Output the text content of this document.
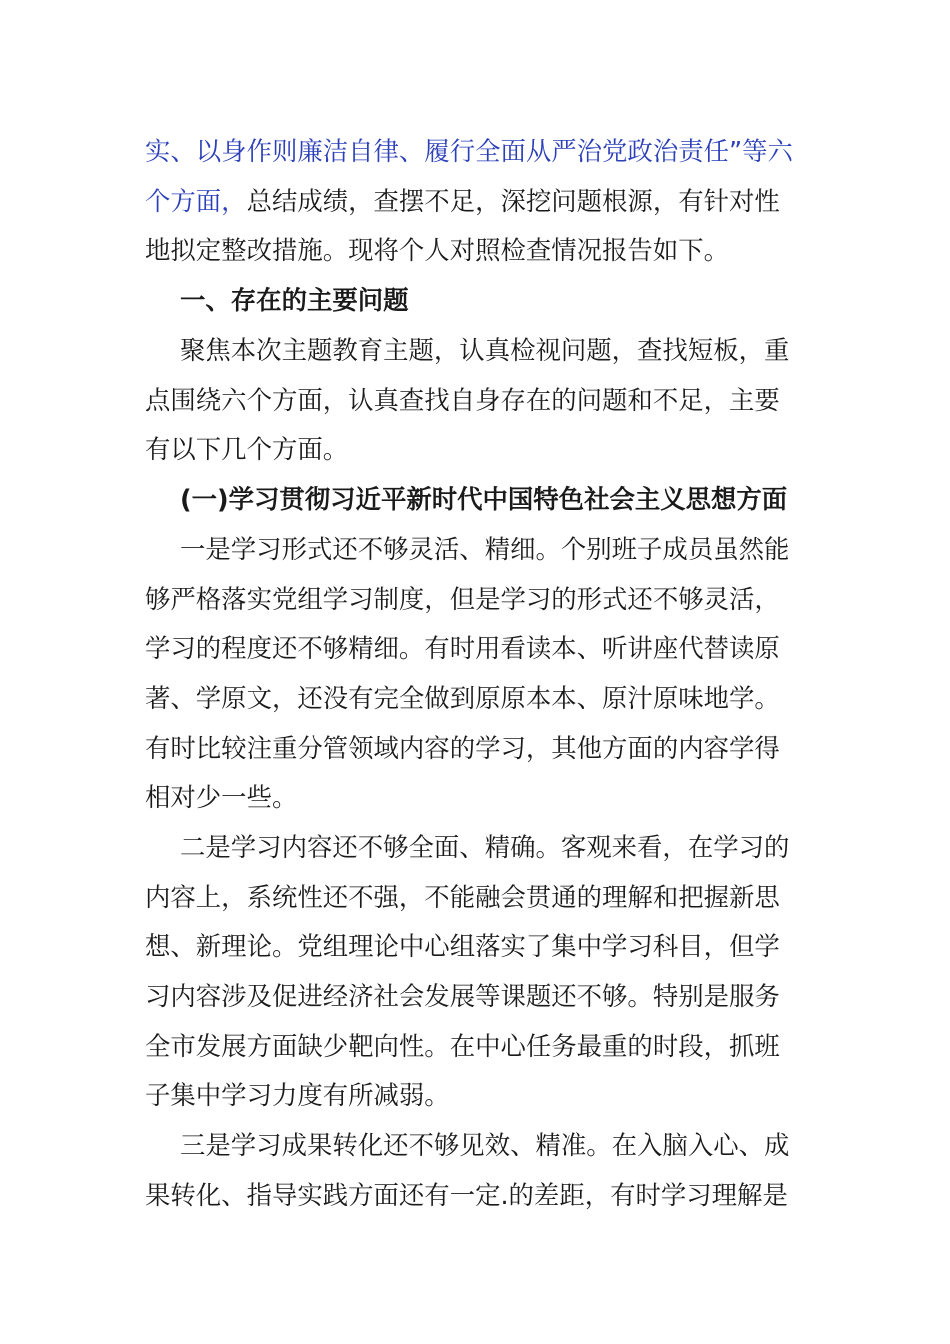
实、以身作则廉洁自律、履行全面从严治党政治责任”等六
个方面，总结成绩，查摆不足，深挖问题根源，有针对性
地拟定整改措施。现将个人对照检查情况报告如下。
一、存在的主要问题
聚焦本次主题教育主题，认真检视问题，查找短板，重
点围绕六个方面，认真查找自身存在的问题和不足，主要
有以下几个方面。
(一)学习贯彻习近平新时代中国特色社会主义思想方面
一是学习形式还不够灵活、精细。个别班子成员虽然能
够严格落实党组学习制度，但是学习的形式还不够灵活，
学习的程度还不够精细。有时用看读本、听讲座代替读原
著、学原文，还没有完全做到原原本本、原汁原味地学。
有时比较注重分管领域内容的学习，其他方面的内容学得
相对少一些。
二是学习内容还不够全面、精确。客观来看，在学习的
内容上，系统性还不强，不能融会贯通的理解和把握新思
想、新理论。党组理论中心组落实了集中学习科目，但学
习内容涉及促进经济社会发展等课题还不够。特别是服务
全市发展方面缺少靶向性。在中心任务最重的时段，抓班
子集中学习力度有所减弱。
三是学习成果转化还不够见效、精准。在入脑入心、成
果转化、指导实践方面还有一定.的差距，有时学习理解是
